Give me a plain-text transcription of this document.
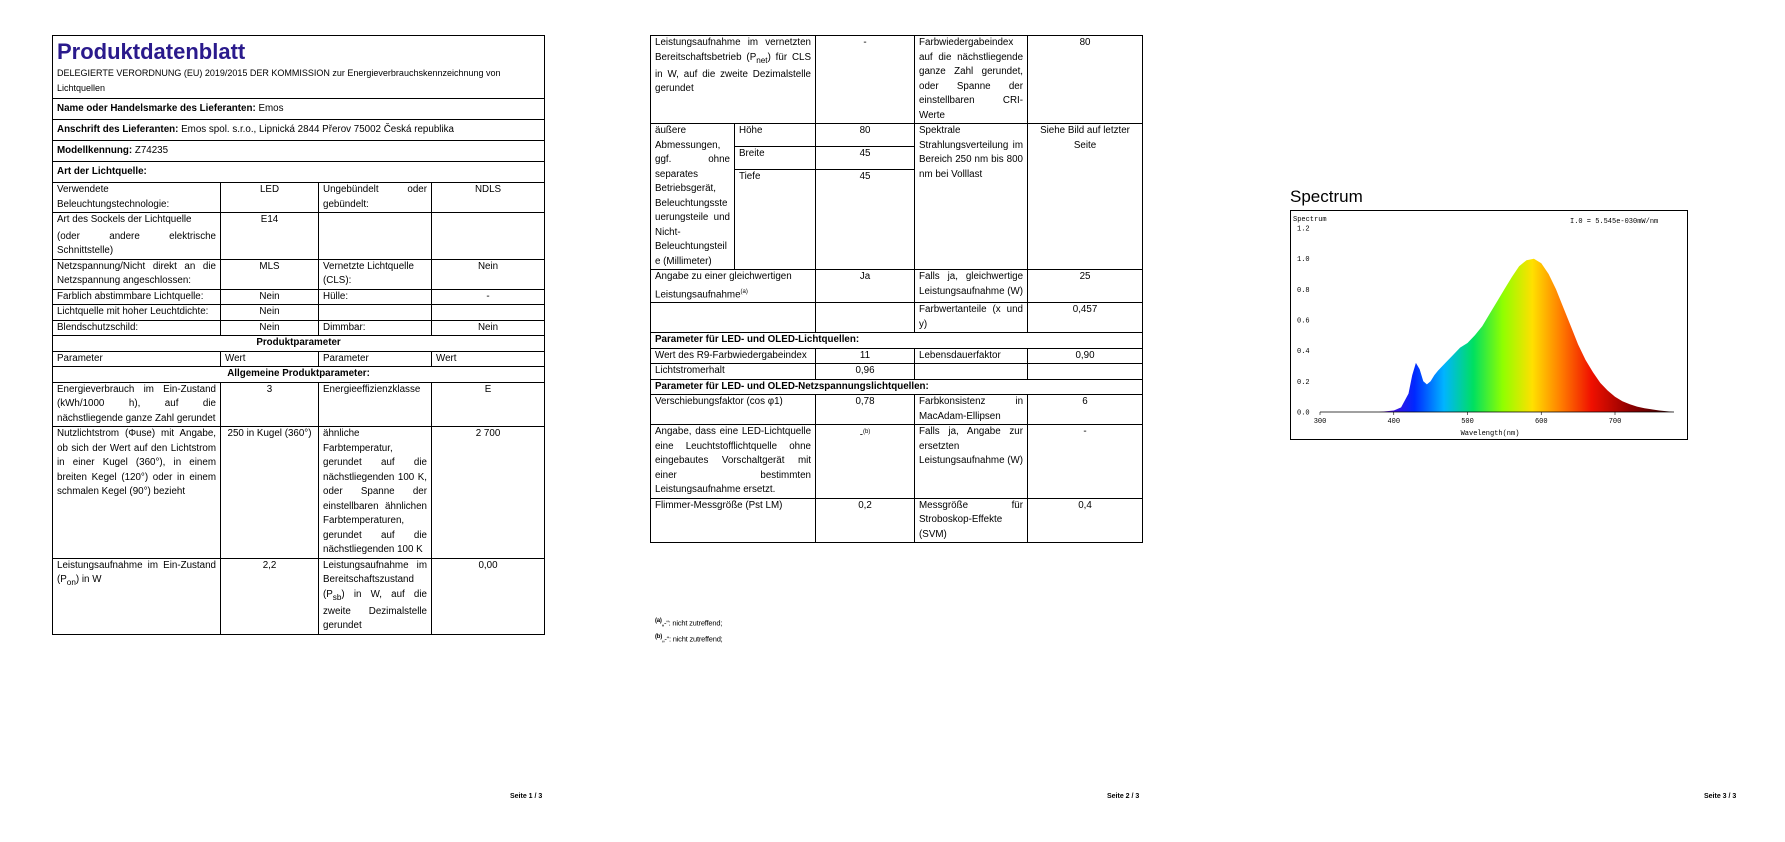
Produktdatenblatt
DELEGIERTE VERORDNUNG (EU) 2019/2015 DER KOMMISSION zur Energieverbrauchskennzeichnung von Lichtquellen			

Name oder Handelsmarke des Lieferanten: Emos			
Anschrift des Lieferanten: Emos spol. s.r.o., Lipnická 2844 Přerov 75002 Česká republika			
Modellkennung: Z74235			
Art der Lichtquelle:			
Verwendete Beleuchtungstechnologie:	LED	Ungebündelt oder gebündelt:	NDLS

Art des Sockels der Lichtquelle
(oder andere elektrische Schnittstelle)	E14		
Netzspannung/Nicht direkt an die Netzspannung angeschlossen:	MLS	Vernetzte Lichtquelle (CLS):	Nein
Farblich abstimmbare Lichtquelle:	Nein	Hülle:	-
Lichtquelle mit hoher Leuchtdichte:	Nein		
Blendschutzschild:	Nein	Dimmbar:	Nein
Produktparameter			
Parameter	Wert	Parameter	Wert
Allgemeine Produktparameter:			
Energieverbrauch im Ein-Zustand (kWh/1000 h), auf die nächstliegende ganze Zahl gerundet	3	Energieeffizienzklasse	E
Nutzlichtstrom (Φuse) mit Angabe, ob sich der Wert auf den Lichtstrom in einer Kugel (360°), in einem breiten Kegel (120°) oder in einem schmalen Kegel (90°) bezieht	250 in Kugel (360°)	ähnliche Farbtemperatur, gerundet auf die nächstliegenden 100 K, oder Spanne der einstellbaren ähnlichen Farbtemperaturen, gerundet auf die nächstliegenden 100 K	2 700
Leistungsaufnahme im Ein-Zustand $(P_{on})$ in W	2,2	Leistungsaufnahme im Bereitschaftszustand $(P_{sb})$ in W, auf die zweite Dezimalstelle gerundet	0,00
Seite 1 / 3
Leistungsaufnahme im vernetzten Bereitschaftsbetrieb $(P_{net})$ für CLS in W, auf die zweite Dezimalstelle gerundet		-	Farbwiedergabeindex auf die nächstliegende ganze Zahl gerundet, oder Spanne der einstellbaren CRI-Werte	80
äußere Abmessungen, ggf. ohne separates Betriebsgerät, Beleuchtungssteuerungsteile und Nicht-Beleuchtungsteile (Millimeter)	Höhe	80	Spektrale Strahlungsverteilung im Bereich 250 nm bis 800 nm bei Volllast	Siehe Bild auf letzter Seite
	Breite	45		
	Tiefe	45		
Angabe zu einer gleichwertigen Leistungsaufnahme$^{(a)}$		Ja	Falls ja, gleichwertige Leistungsaufnahme (W)	25
			Farbwertanteile (x und y)	0,457
Parameter für LED- und OLED-Lichtquellen:				
Wert des R9-Farbwiedergabeindex		11	Lebensdauerfaktor	0,90
Lichtstromerhalt		0,96		
Parameter für LED- und OLED-Netzspannungslichtquellen:				
Verschiebungsfaktor (cos φ1)		0,78	Farbkonsistenz in MacAdam-Ellipsen	6
Angabe, dass eine LED-Lichtquelle eine Leuchtstofflichtquelle ohne eingebautes Vorschaltgerät mit einer bestimmten Leistungsaufnahme ersetzt.		-$^{(b)}$	Falls ja, Angabe zur ersetzten Leistungsaufnahme (W)	-
Flimmer-Messgröße (Pst LM)		0,2	Messgröße für Stroboskop-Effekte (SVM)	0,4
$^{(a)}$„-“: nicht zutreffend;
$^{(b)}$„-“: nicht zutreffend;
Seite 2 / 3
Spectrum
300	400	500	600	700
0.0
0.2
0.4
0.6
0.8
1.0
1.2
Spectrum	I.0 = 5.545e-030mW/nm
Wavelength(nm)
Seite 3 / 3
